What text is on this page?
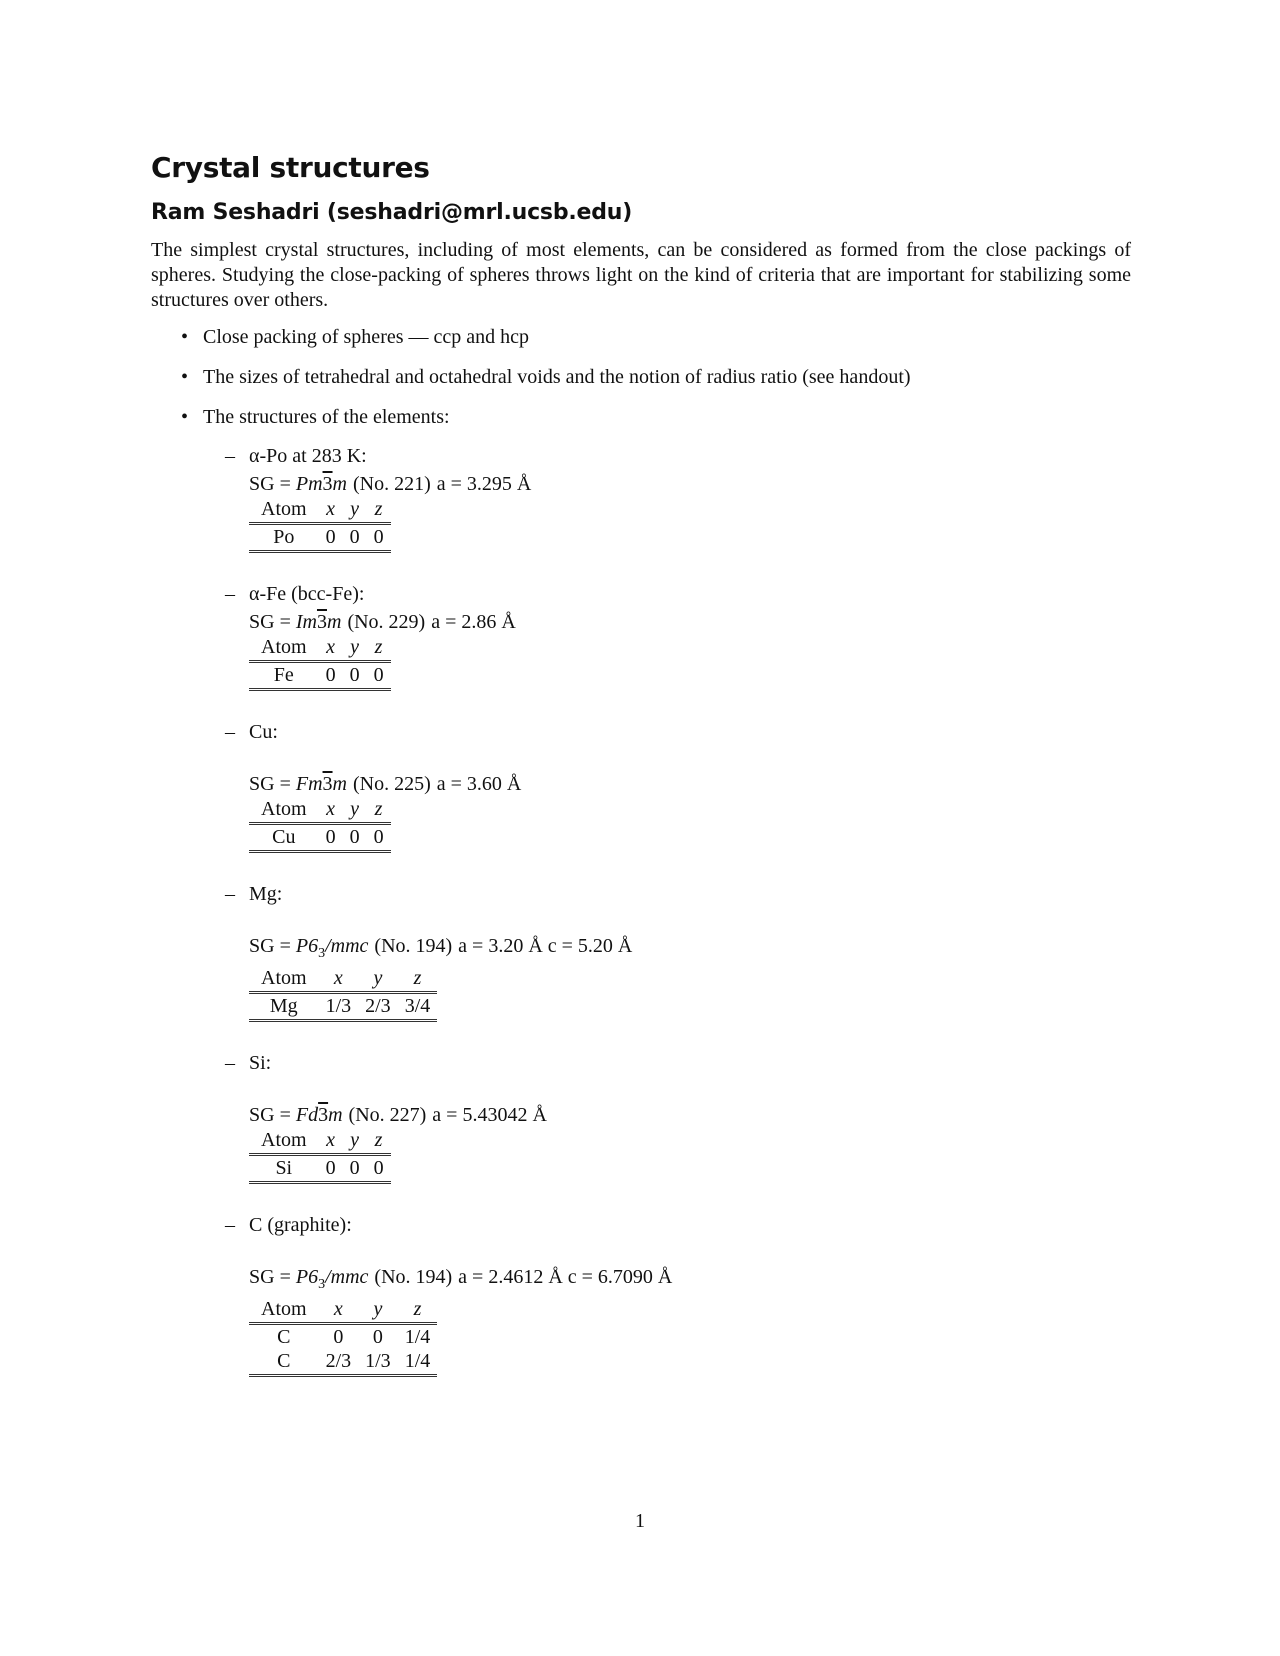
Crystal structures
Ram Seshadri (seshadri@mrl.ucsb.edu)

The simplest crystal structures, including of most elements, can be considered as formed from the close packings of spheres. Studying the close-packing of spheres throws light on the kind of criteria that are important for stabilizing some structures over others.

• Close packing of spheres — ccp and hcp
• The sizes of tetrahedral and octahedral voids and the notion of radius ratio (see handout)
• The structures of the elements:
– α-Po at 283 K:
SG = Pm3m (No. 221) a = 3.295 Å
Atom	x	y	z
Po	0	0	0
– α-Fe (bcc-Fe):
SG = Im3m (No. 229) a = 2.86 Å
Atom	x	y	z
Fe	0	0	0
– Cu:
SG = Fm3m (No. 225) a = 3.60 Å
Atom	x	y	z
Cu	0	0	0
– Mg:
SG = $P6_3$/mmc (No. 194) a = 3.20 Å c = 5.20 Å
Atom	x	y	z
Mg	1/3	2/3	3/4
– Si:
SG = Fd3m (No. 227) a = 5.43042 Å
Atom	x	y	z
Si	0	0	0
– C (graphite):
SG = $P6_3$/mmc (No. 194) a = 2.4612 Å c = 6.7090 Å
Atom	x	y	z
C	0	0	1/4
C	2/3	1/3	1/4
1
